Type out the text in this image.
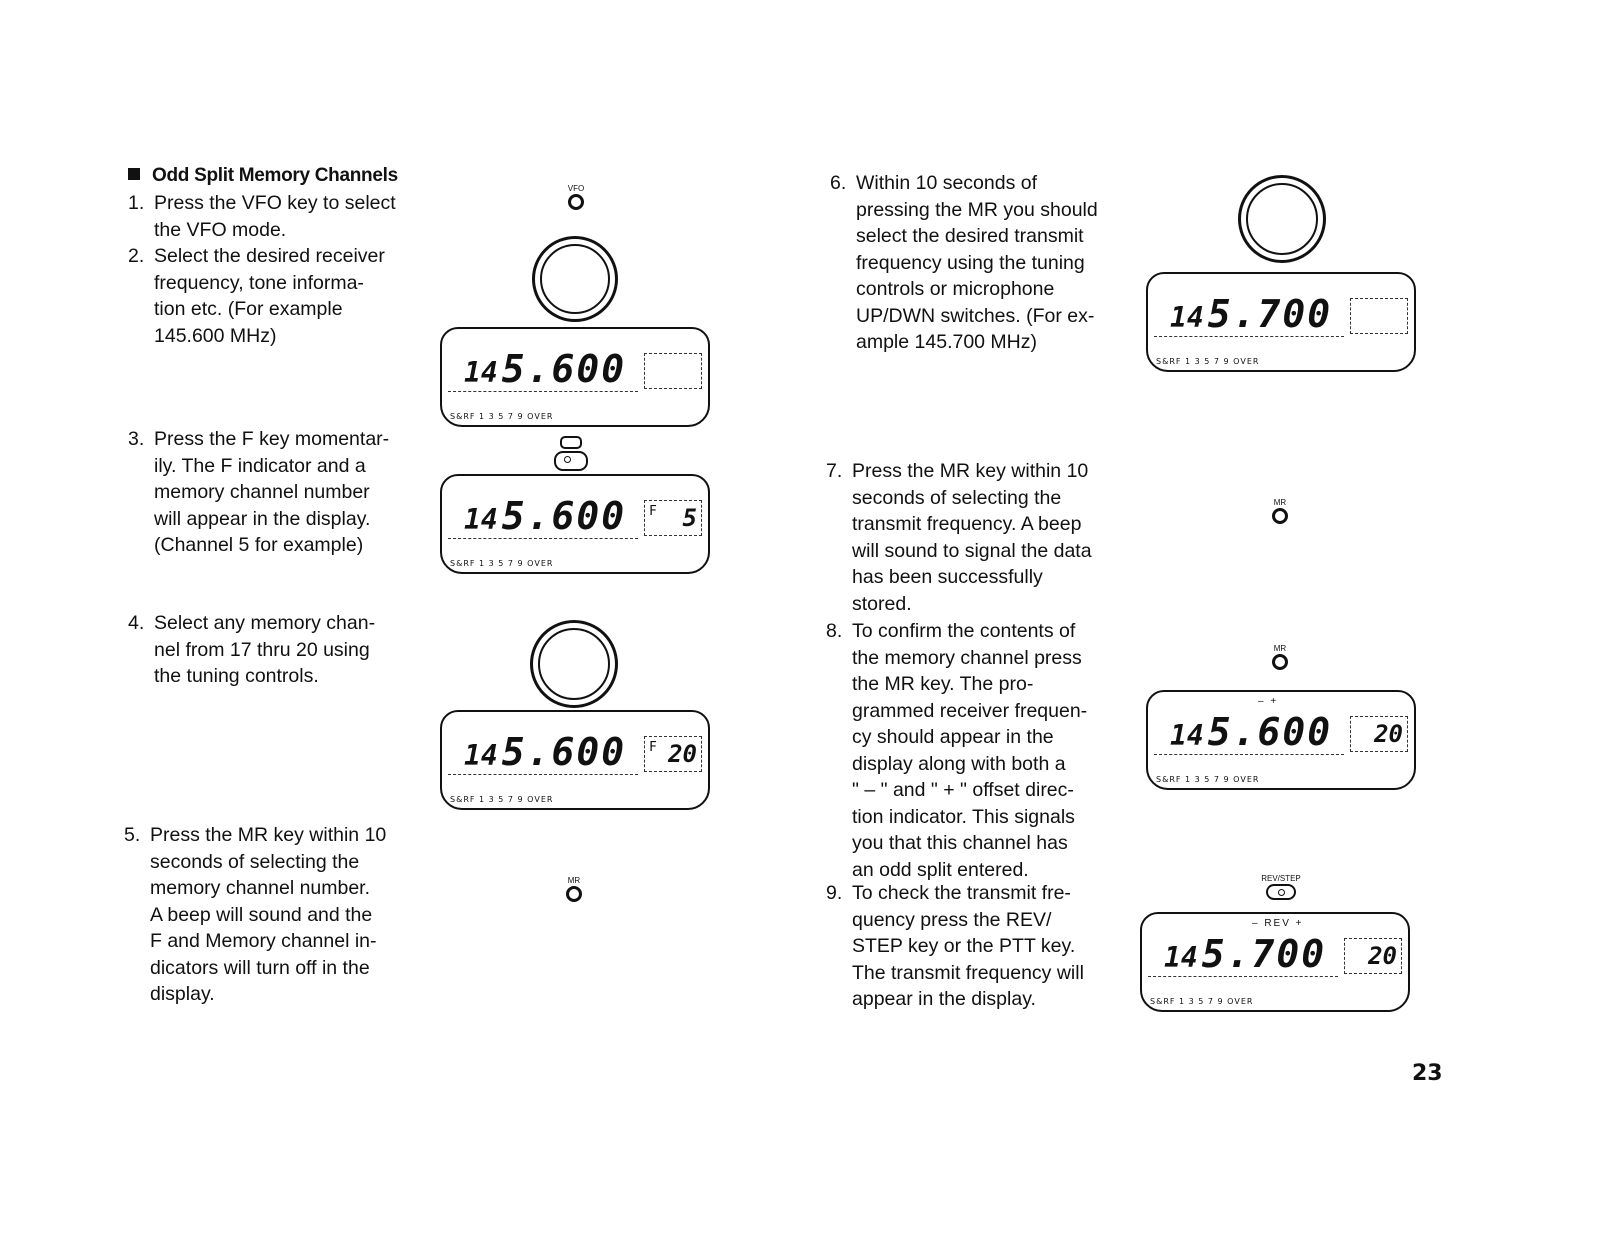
Odd Split Memory Channels
1. Press the VFO key to select
the VFO mode.
2. Select the desired receiver
frequency, tone informa-
tion etc. (For example
145.600 MHz)
3. Press the F key momentar-
ily. The F indicator and a
memory channel number
will appear in the display.
(Channel 5 for example)
4. Select any memory chan-
nel from 17 thru 20 using
the tuning controls.
5. Press the MR key within 10
seconds of selecting the
memory channel number.
A beep will sound and the
F and Memory channel in-
dicators will turn off in the
display.
6. Within 10 seconds of
pressing the MR you should
select the desired transmit
frequency using the tuning
controls or microphone
UP/DWN switches. (For ex-
ample 145.700 MHz)
7. Press the MR key within 10
seconds of selecting the
transmit frequency. A beep
will sound to signal the data
has been successfully
stored.
8. To confirm the contents of
the memory channel press
the MR key. The pro-
grammed receiver frequen-
cy should appear in the
display along with both a
" – " and " + " offset direc-
tion indicator. This signals
you that this channel has
an odd split entered.
9. To check the transmit fre-
quency press the REV/
STEP key or the PTT key.
The transmit frequency will
appear in the display.
VFO
14 5.600
S&RF 1 3 5 7 9 OVER
14 5.600 F 5
S&RF 1 3 5 7 9 OVER
14 5.600 F 20
S&RF 1 3 5 7 9 OVER
MR
14 5.700
S&RF 1 3 5 7 9 OVER
MR
MR
– +
14 5.600	20
S&RF 1 3 5 7 9 OVER
REV/STEP
– REV +
14 5.700	20
S&RF 1 3 5 7 9 OVER
23
